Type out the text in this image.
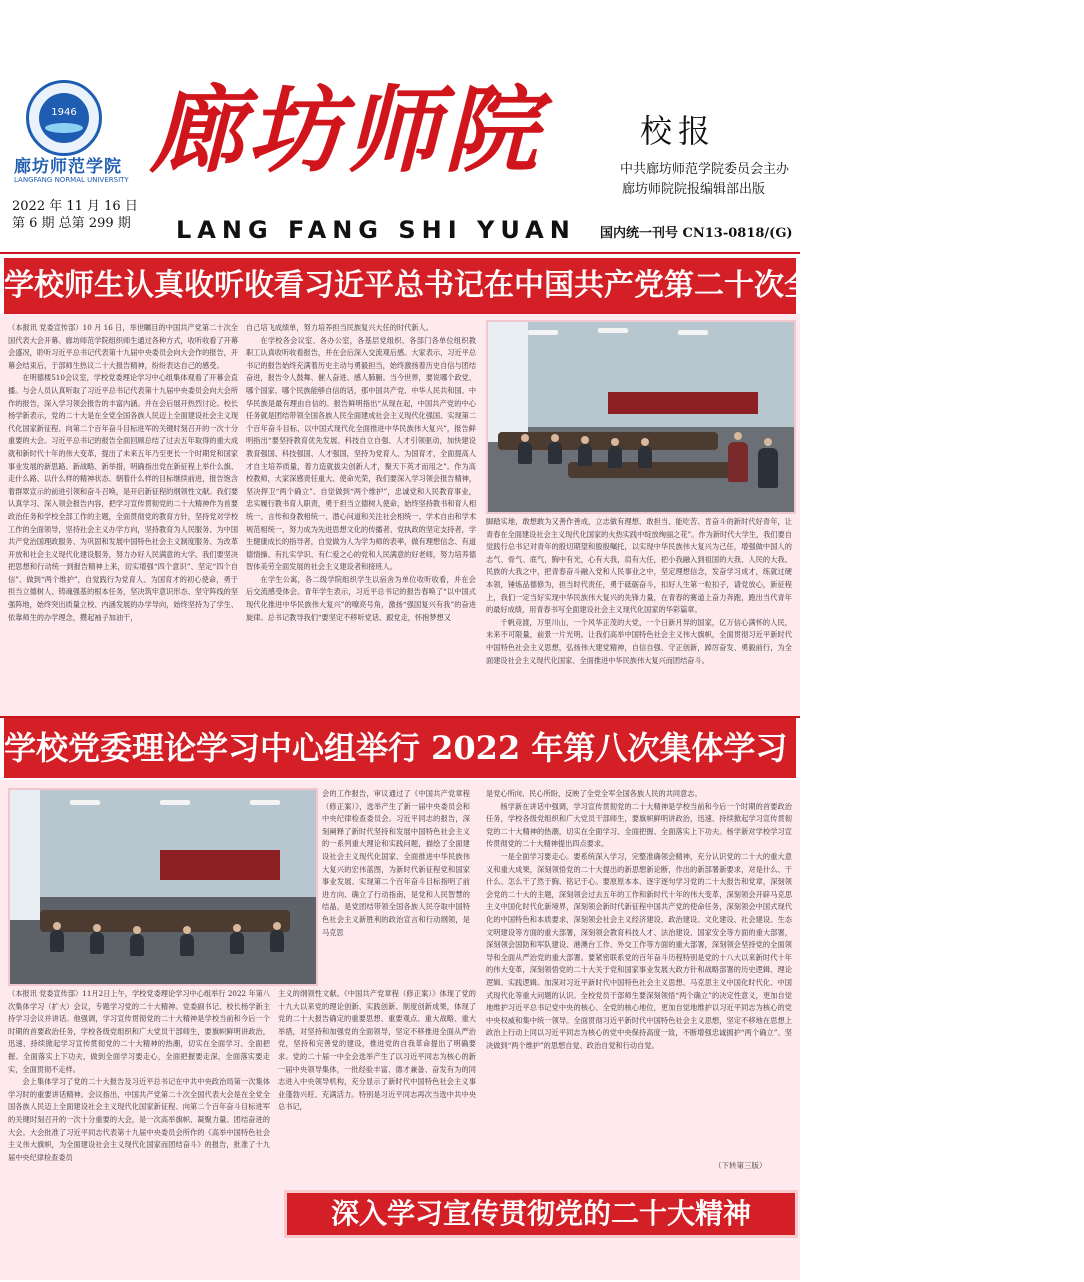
1946
廊坊师范学院
LANGFANG NORMAL UNIVERSITY
2022 年 11 月 16 日
第 6 期 总第 299 期
廊坊师院
LANG FANG SHI YUAN
校报
中共廊坊师范学院委员会主办
廊坊师院院报编辑部出版
国内统一刊号 CN13-0818/(G)
学校师生认真收听收看习近平总书记在中国共产党第二十次全国代表大会上的报告

（本报讯 党委宣传部）10 月 16 日，举世瞩目的中国共产党第二十次全国代表大会开幕。廊坊师范学院组织师生通过各种方式，收听收看了开幕会盛况，聆听习近平总书记代表第十九届中央委员会向大会作的报告，开幕会结束后，于部师生热议二十大报告精神，纷纷表达自己的感受。

在明德楼510会议室，学校党委理论学习中心组集体观看了开幕会直播。与会人员认真听取了习近平总书记代表第十九届中央委员会向大会所作的报告，深入学习领会报告的丰富内涵。并在会后展开热烈讨论。校长杨学新表示，党的二十大是在全党全国各族人民迈上全面建设社会主义现代化国家新征程、向第二个百年奋斗目标进军的关键时刻召开的一次十分重要的大会。习近平总书记的报告全面回顾总结了过去五年取得的重大成就和新时代十年的伟大变革，提出了未来五年乃至更长一个时期党和国家事业发展的新思路、新战略、新举措，明确指出党在新征程上举什么旗、走什么路、以什么样的精神状态、朝着什么样的目标继续前进，报告饱含着群眾宣示的前进引领和奋斗召唤，是开启新征程的纲领性文献。我们要认真学习、深入领会报告内容，把学习宣传贯彻党的二十大精神作为首要政治任务和学校全部工作的主题，全面贯彻党的教育方针，坚持党对学校工作的全面领导，坚持社会主义办学方向，坚持教育为人民服务、为中国共产党治国理政服务、为巩固和发展中国特色社会主义制度服务、为改革开放和社会主义现代化建设服务，努力办好人民满意的大学。我们要坚决把思想和行动统一到报告精神上来，切实增强“四个意识”、坚定“四个自信”、做到“两个维护”，自觉践行为党育人、为国育才的初心使命，勇于担当立德树人、铸魂强基的根本任务，坚决筑牢意识形态、坚守阵线的坚强阵地，始终突出质量立校、内涵发展的办学导向，始终坚持为了学生、依靠师生的办学理念，攒起袖子加油干，

自己培飞成绩单，努力培养担当民族复兴大任的时代新人。

在学校各会议室、各办公室，各基层党组织、各部门各单位组织教职工认真收听收看报告，并在会后深入交流观后感。大家表示，习近平总书记的报告始终充满着历史主动与勇毅担当，始终激扬着历史自信与团结奋进，报告令人鼓舞、催人奋进、感人肺腑。当今世界，要说哪个政党、哪个国家、哪个民族能够自信的话，那中国共产党、中华人民共和国、中华民族是最有理由自信的。报告鲜明指出“从现在起，中国共产党的中心任务就是团结带领全国各族人民全面建成社会主义现代化强国、实现第二个百年奋斗目标，以中国式现代化全面推进中华民族伟大复兴”，报告鲜明指出“要坚持教育优先发展、科技自立自强、人才引领驱动，加快建设教育强国、科技强国、人才强国，坚持为党育人、为国育才，全面提高人才自主培养质量，着力造就拔尖创新人才，聚天下英才而用之”。作为高校教师，大家深感责任重大、使命光荣，我们要深入学习领会报告精神，坚决捍卫“两个确立”、自觉做到“两个维护”，忠诚党和人民教育事业，忠实履行教书育人职责，勇于担当立德树人使命，始终坚持教书和育人相统一、言传和身教相统一、潜心问道和关注社会相统一、学术自由和学术规范相统一，努力成为先进思想文化的传播者、党执政的坚定支持者，学生健康成长的指导者，自觉做为人为学为师的表率，做有理想信念、有道德情操、有扎实学识、有仁爱之心的党和人民满意的好老师，努力培养德智体美劳全面发展的社会主义建设者和接班人。

在学生公寓，各二级学院组织学生以宿舍为单位收听收看，并在会后交流感受体会。青年学生表示，习近平总书记的报告春唤了“以中国式现代化推进中华民族伟大复兴”的嘹亮号角，激扬“强国复兴有我”的奋进旋律。总书记教导我们“要坚定不移听党话、跟党走，怀抱梦想又

脚踏实地，敢想敢为又善作善成，立志做有理想、敢担当、能吃苦、肯奋斗的新时代好青年，让青春在全面建设社会主义现代化国家的火热实践中绽放绚丽之花”。作为新时代大学生，我们要自觉践行总书记对青年的殷切期望和殷殷嘱托，以实现中华民族伟大复兴为己任，增强做中国人的志气、骨气、底气，胸中有光，心有大我，肩有大任，把小我融入到祖国的大我、人民的大我、民族的大我之中，把青春奋斗融入党和人民事业之中，坚定理想信念，发奋学习成才，练就过硬本领，锤炼品德修为，担当时代责任，勇于砥砺奋斗，扣好人生第一粒扣子，请党放心，新征程上，我们一定当好实现中华民族伟大复兴的先锋力量，在青春的赛道上奋力奔跑，跑出当代青年的最好成绩，用青春书写全面建设社会主义现代化国家的华彩篇章。

千帆竞渡，万里川山，一个风华正茂的大党，一个日新月异的国家，亿万信心满怀的人民，未来不可限量，前景一片光明。让我们高举中国特色社会主义伟大旗帜，全面贯彻习近平新时代中国特色社会主义思想，弘扬伟大建党精神，自信自强、守正创新，踔厉奋发、勇毅前行，为全面建设社会主义现代化国家、全面推进中华民族伟大复兴而团结奋斗。

学校党委理论学习中心组举行 2022 年第八次集体学习（扩大）会议

会的工作报告，审议通过了《中国共产党章程（修正案）》，选举产生了新一届中央委员会和中央纪律检查委员会。习近平同志的报告，深刻阐释了新时代坚持和发展中国特色社会主义的一系列重大理论和实践问题，描绘了全面建设社会主义现代化国家、全面推进中华民族伟大复兴的宏伟蓝图，为新时代新征程党和国家事业发展、实现第二个百年奋斗目标指明了前进方向、确立了行动指南，是党和人民智慧的结晶，是党团结带领全国各族人民夺取中国特色社会主义新胜利的政治宣言和行动纲领，是马克思

（本报讯 党委宣传部）11月2日上午，学校党委理论学习中心组举行 2022 年第八次集体学习（扩大）会议，专题学习党的二十大精神。党委副书记、校长杨学新主持学习会议并讲话。他强调，学习宣传贯彻党的二十大精神是学校当前和今后一个时期的首要政治任务，学校各级党组织和广大党员干部师生，要旗帜鲜明讲政治，迅速、持续掀起学习宣传贯彻党的二十大精神的热潮，切实在全面学习、全面把握、全面落实上下功夫，做到全面学习要走心，全面把握要走深，全面落实要走实，全面贯彻不走样。

会上集体学习了党的二十大报告及习近平总书记在中共中央政治局第一次集体学习时的重要讲话精神。会议指出，中国共产党第二十次全国代表大会是在全党全国各族人民迈上全面建设社会主义现代化国家新征程、向第二个百年奋斗目标进军的关键时刻召开的一次十分重要的大会，是一次高举旗帜、凝聚力量、团结奋进的大会。大会批准了习近平同志代表第十九届中央委员会所作的《高举中国特色社会主义伟大旗帜，为全面建设社会主义现代化国家而团结奋斗》的报告，批准了十九届中央纪律检查委员

主义的纲领性文献。《中国共产党章程（修正案）》体现了党的十九大以来党的理论创新、实践创新、制度创新成果，体现了党的二十大报告确定的重要思想、重要观点、重大战略、重大举措，对坚持和加强党的全面领导，坚定不移推进全面从严治党，坚持和完善党的建设，推进党的自我革命提出了明确要求。党的二十届一中全会选举产生了以习近平同志为核心的新一届中央领导集体，一批经验丰富、德才兼备、奋发有为的同志进入中央领导机构，充分显示了新时代中国特色社会主义事业蓬勃兴旺、充满活力。特别是习近平同志再次当选中共中央总书记，

是党心所向、民心所盼，反映了全党全军全国各族人民的共同意志。

杨学新在讲话中强调，学习宣传贯彻党的二十大精神是学校当前和今后一个时期的首要政治任务，学校各级党组织和广大党员干部师生，要旗帜鲜明讲政治，迅速、持续掀起学习宣传贯彻党的二十大精神的热潮，切实在全面学习、全面把握、全面落实上下功夫。杨学新对学校学习宣传贯彻党的二十大精神提出四点要求。

一是全面学习要走心。要系统深入学习，完整准确领会精神，充分认识党的二十大的重大意义和重大成果，深刻领悟党的二十大提出的新思想新论断，作出的新部署新要求，对是什么、干什么、怎么干了然于胸、铭记于心。要原原本本、逐字逐句学习党的二十大报告和党章，深刻领会党的二十大的主题，深刻领会过去五年的工作和新时代十年的伟大变革，深刻领会开辟马克思主义中国化时代化新境界，深刻领会新时代新征程中国共产党的使命任务，深刻领会中国式现代化的中国特色和本质要求，深刻领会社会主义经济建设、政治建设、文化建设、社会建设、生态文明建设等方面的重大部署，深刻领会教育科技人才、法治建设、国家安全等方面的重大部署，深刻领会国防和军队建设、港澳台工作、外交工作等方面的重大部署，深刻领会坚持党的全面领导和全面从严治党的重大部署。要紧密联系党的百年奋斗历程特别是党的十八大以来新时代十年的伟大变革，深刻领悟党的二十大关于党和国家事业发展大政方针和战略部署的历史逻辑、理论逻辑、实践逻辑。加深对习近平新时代中国特色社会主义思想、马克思主义中国化时代化、中国式现代化等重大问题的认识。全校党员干部师生要深刻领悟“两个确立”的决定性意义，更加自觉地维护习近平总书记党中央的核心、全党的核心地位，更加自觉地维护以习近平同志为核心的党中央权威和集中统一领导。全面贯彻习近平新时代中国特色社会主义思想，坚定不移地在思想上政治上行动上同以习近平同志为核心的党中央保持高度一致，不断增强忠诚拥护“两个确立”、坚决做到“两个维护”的思想自觉、政治自觉和行动自觉。

（下转第三版）
深入学习宣传贯彻党的二十大精神
